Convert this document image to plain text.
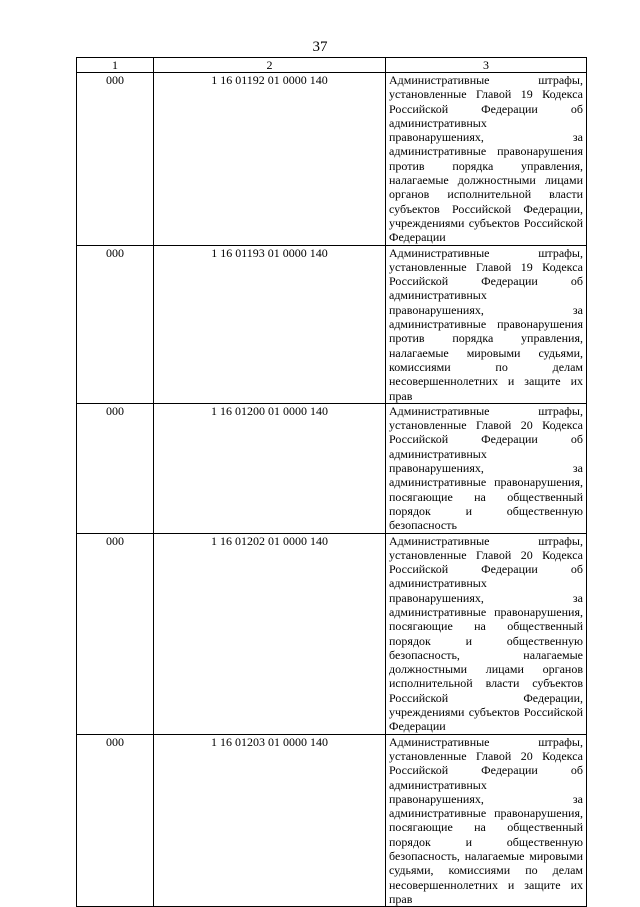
37
1	2	3
000	1 16 01192 01 0000 140	Административные штрафы, установленные Главой 19 Кодекса Российской Федерации об административных правонарушениях, за административные правонарушения против порядка управления, налагаемые должностными лицами органов исполнительной власти субъектов Российской Федерации, учреждениями субъектов Российской Федерации
000	1 16 01193 01 0000 140	Административные штрафы, установленные Главой 19 Кодекса Российской Федерации об административных правонарушениях, за административные правонарушения против порядка управления, налагаемые мировыми судьями, комиссиями по делам несовершеннолетних и защите их прав
000	1 16 01200 01 0000 140	Административные штрафы, установленные Главой 20 Кодекса Российской Федерации об административных правонарушениях, за административные правонарушения, посягающие на общественный порядок и общественную безопасность
000	1 16 01202 01 0000 140	Административные штрафы, установленные Главой 20 Кодекса Российской Федерации об административных правонарушениях, за административные правонарушения, посягающие на общественный порядок и общественную безопасность, налагаемые должностными лицами органов исполнительной власти субъектов Российской Федерации, учреждениями субъектов Российской Федерации
000	1 16 01203 01 0000 140	Административные штрафы, установленные Главой 20 Кодекса Российской Федерации об административных правонарушениях, за административные правонарушения, посягающие на общественный порядок и общественную безопасность, налагаемые мировыми судьями, комиссиями по делам несовершеннолетних и защите их прав
